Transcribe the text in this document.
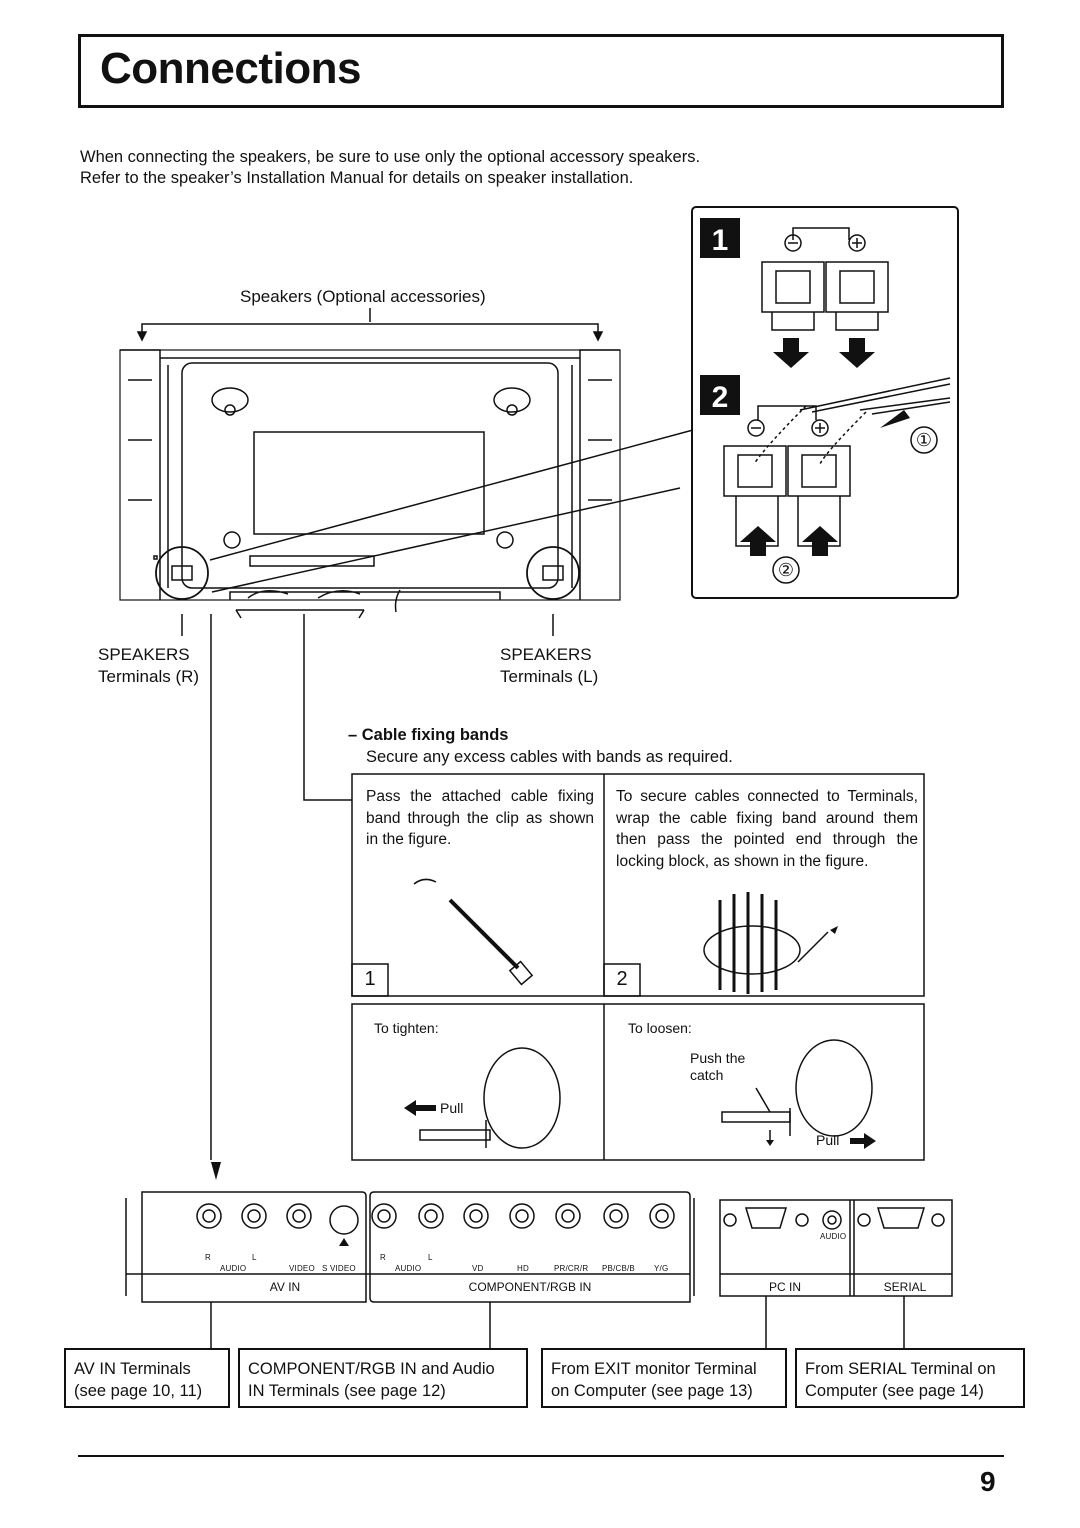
Connections
When connecting the speakers, be sure to use only the optional accessory speakers.
Refer to the speaker’s Installation Manual for details on speaker installation.
1
2
①
②
Speakers (Optional accessories)
SPEAKERS
Terminals (R)
SPEAKERS
Terminals (L)
– Cable fixing bands
Secure any excess cables with bands as required.
Pass the attached cable fixing band through the clip as shown in the figure.
To secure cables connected to Terminals, wrap the cable fixing band around them then pass the pointed end through the locking block, as shown in the figure.
1	2
To tighten:	To loosen:
Pull
Pull
Push the catch
AV IN	COMPONENT/RGB IN	PC IN	SERIAL
AUDIO
R	L
AUDIO	VIDEO S VIDEO
R	L
AUDIO	VD	HD	PR/CR/R PB/CB/B Y/G
AV IN Terminals
(see page 10, 11)
COMPONENT/RGB IN and Audio
IN Terminals (see page 12)
From EXIT monitor Terminal
on Computer (see page 13)
From SERIAL Terminal on
Computer (see page 14)
9
